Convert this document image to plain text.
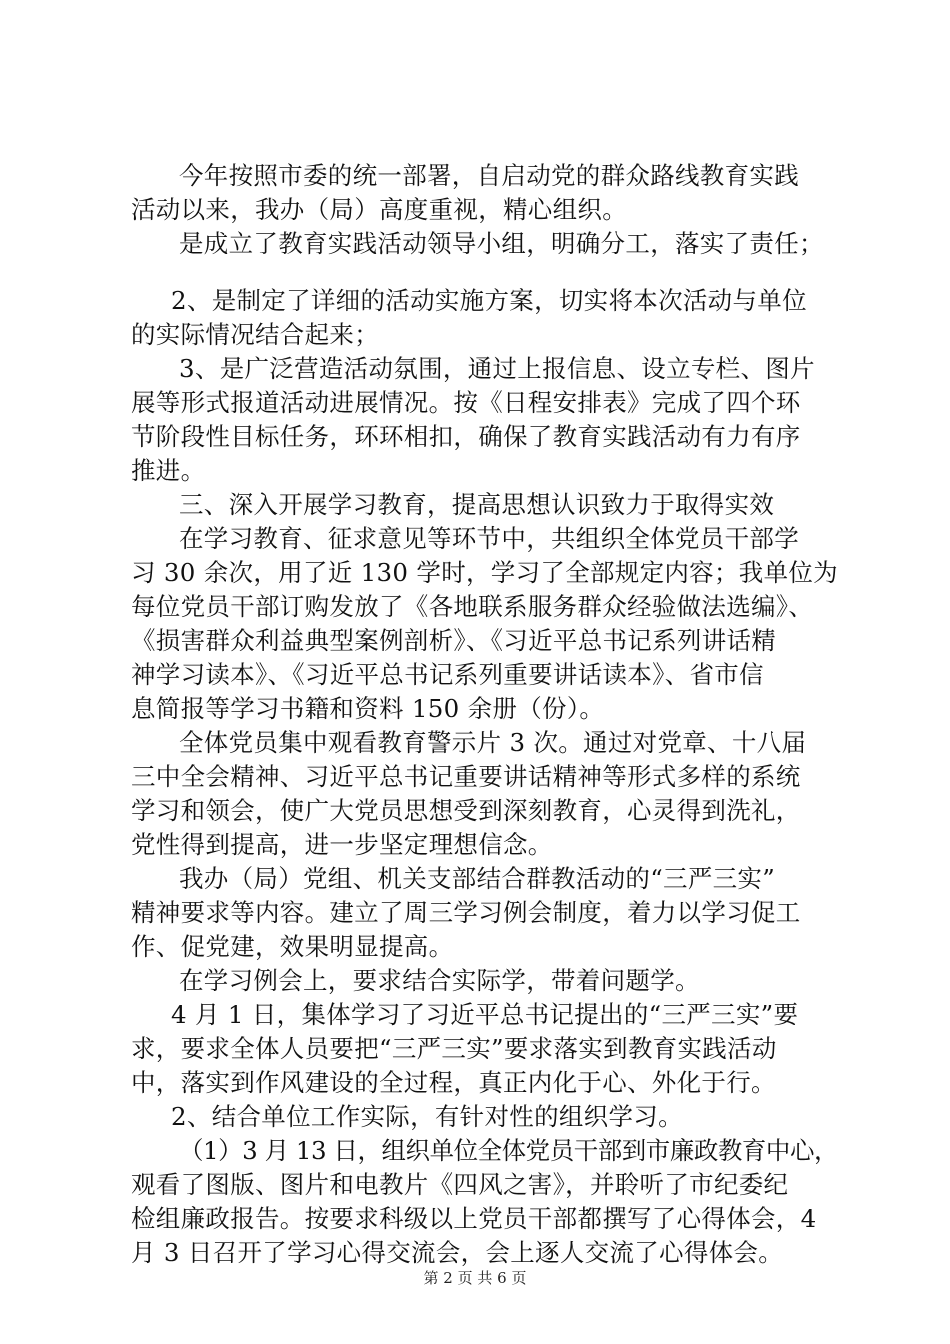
今年按照市委的统一部署，自启动党的群众路线教育实践

活动以来，我办（局）高度重视，精心组织。

是成立了教育实践活动领导小组，明确分工，落实了责任；

2、是制定了详细的活动实施方案，切实将本次活动与单位

的实际情况结合起来；

3、是广泛营造活动氛围，通过上报信息、设立专栏、图片

展等形式报道活动进展情况。按《日程安排表》完成了四个环

节阶段性目标任务，环环相扣，确保了教育实践活动有力有序

推进。

三、深入开展学习教育，提高思想认识致力于取得实效

在学习教育、征求意见等环节中，共组织全体党员干部学

习 30 余次，用了近 130 学时，学习了全部规定内容；我单位为

每位党员干部订购发放了《各地联系服务群众经验做法选编》、

《损害群众利益典型案例剖析》、《习近平总书记系列讲话精

神学习读本》、《习近平总书记系列重要讲话读本》、省市信

息简报等学习书籍和资料 150 余册（份）。

全体党员集中观看教育警示片 3 次。通过对党章、十八届

三中全会精神、习近平总书记重要讲话精神等形式多样的系统

学习和领会，使广大党员思想受到深刻教育，心灵得到洗礼，

党性得到提高，进一步坚定理想信念。

我办（局）党组、机关支部结合群教活动的“三严三实”

精神要求等内容。建立了周三学习例会制度，着力以学习促工

作、促党建，效果明显提高。

在学习例会上，要求结合实际学，带着问题学。

4 月 1 日，集体学习了习近平总书记提出的“三严三实”要

求，要求全体人员要把“三严三实”要求落实到教育实践活动

中，落实到作风建设的全过程，真正内化于心、外化于行。

2、结合单位工作实际，有针对性的组织学习。

（1）3 月 13 日，组织单位全体党员干部到市廉政教育中心，

观看了图版、图片和电教片《四风之害》，并聆听了市纪委纪

检组廉政报告。按要求科级以上党员干部都撰写了心得体会，4

月 3 日召开了学习心得交流会，会上逐人交流了心得体会。

第 2 页 共 6 页
